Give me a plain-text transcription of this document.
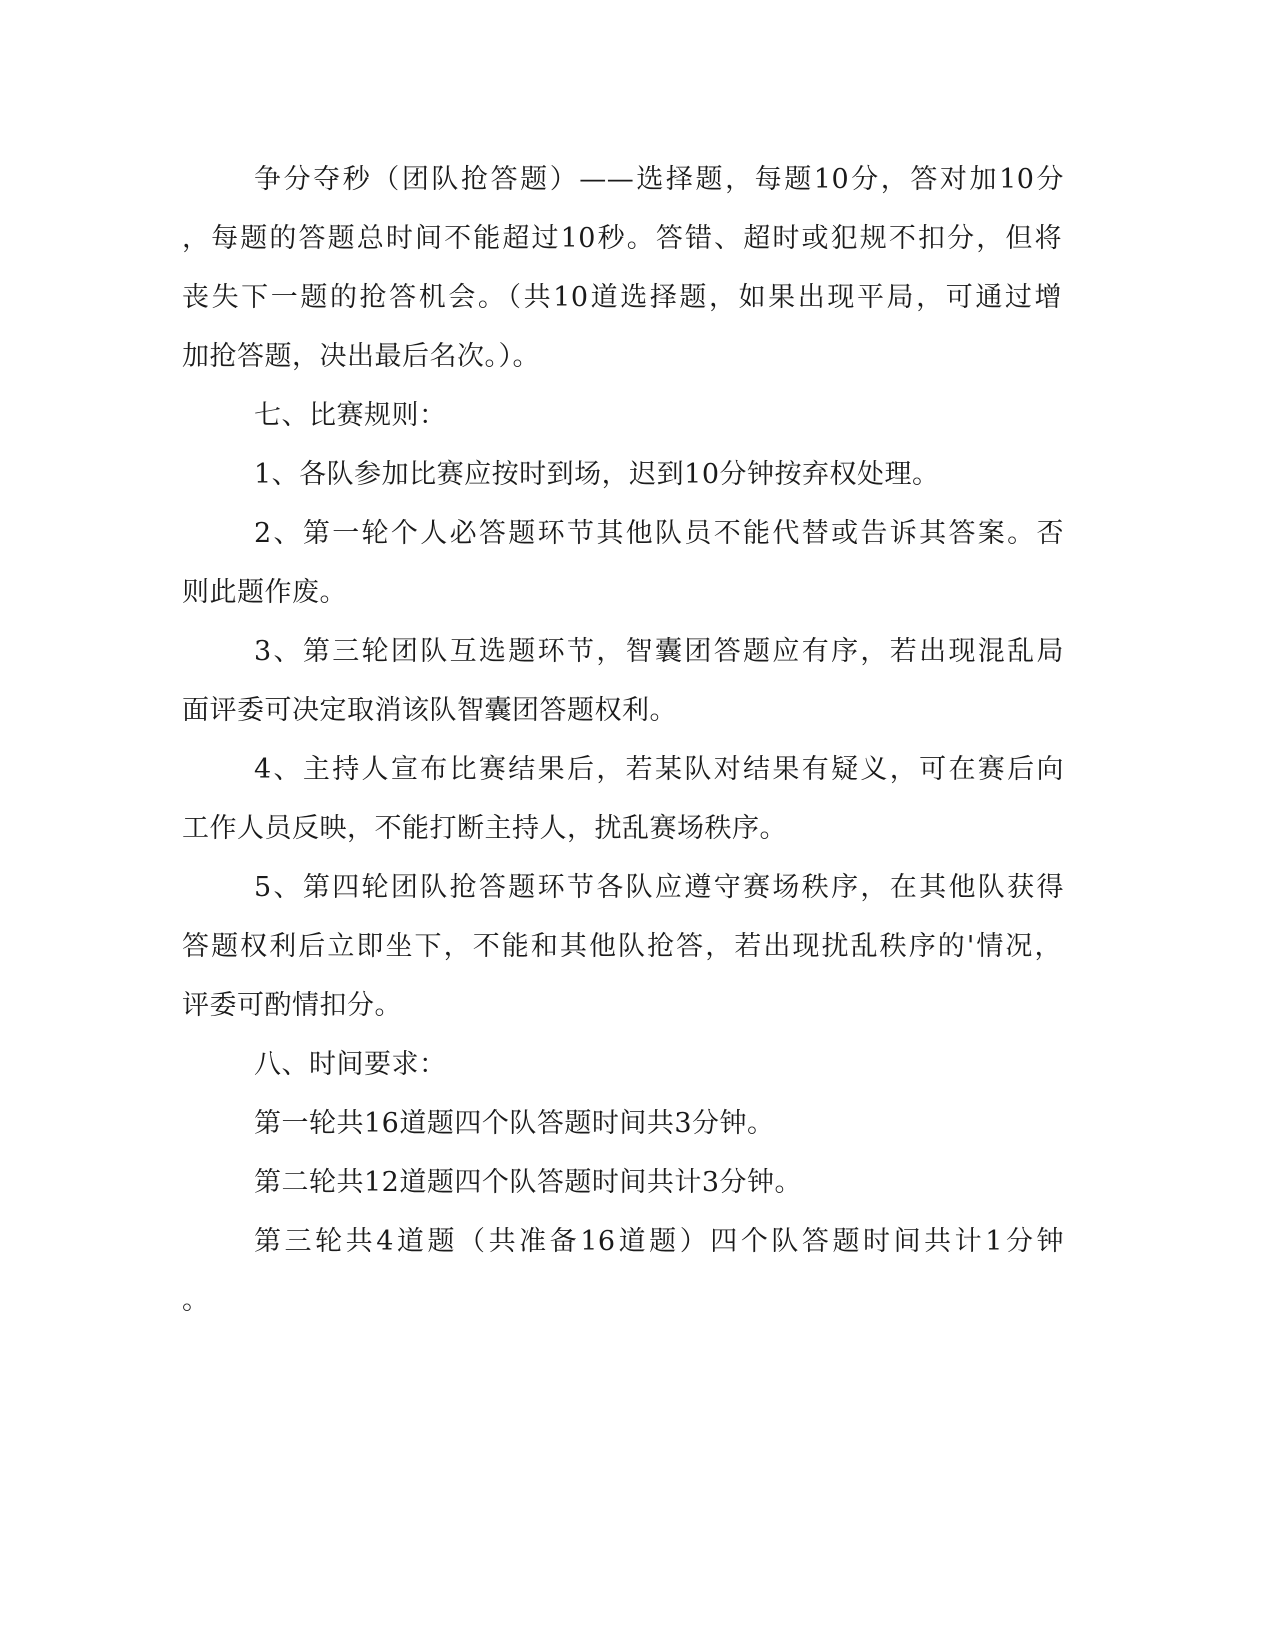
争分夺秒（团队抢答题）——选择题，每题10分，答对加10分
，每题的答题总时间不能超过10秒。答错、超时或犯规不扣分，但将
丧失下一题的抢答机会。（共10道选择题，如果出现平局，可通过增
加抢答题，决出最后名次。）。
七、比赛规则：
1、各队参加比赛应按时到场，迟到10分钟按弃权处理。
2、第一轮个人必答题环节其他队员不能代替或告诉其答案。否
则此题作废。
3、第三轮团队互选题环节，智囊团答题应有序，若出现混乱局
面评委可决定取消该队智囊团答题权利。
4、主持人宣布比赛结果后，若某队对结果有疑义，可在赛后向
工作人员反映，不能打断主持人，扰乱赛场秩序。
5、第四轮团队抢答题环节各队应遵守赛场秩序，在其他队获得
答题权利后立即坐下，不能和其他队抢答，若出现扰乱秩序的'情况，
评委可酌情扣分。
八、时间要求：
第一轮共16道题四个队答题时间共3分钟。
第二轮共12道题四个队答题时间共计3分钟。
第三轮共4道题（共准备16道题）四个队答题时间共计1分钟
。
